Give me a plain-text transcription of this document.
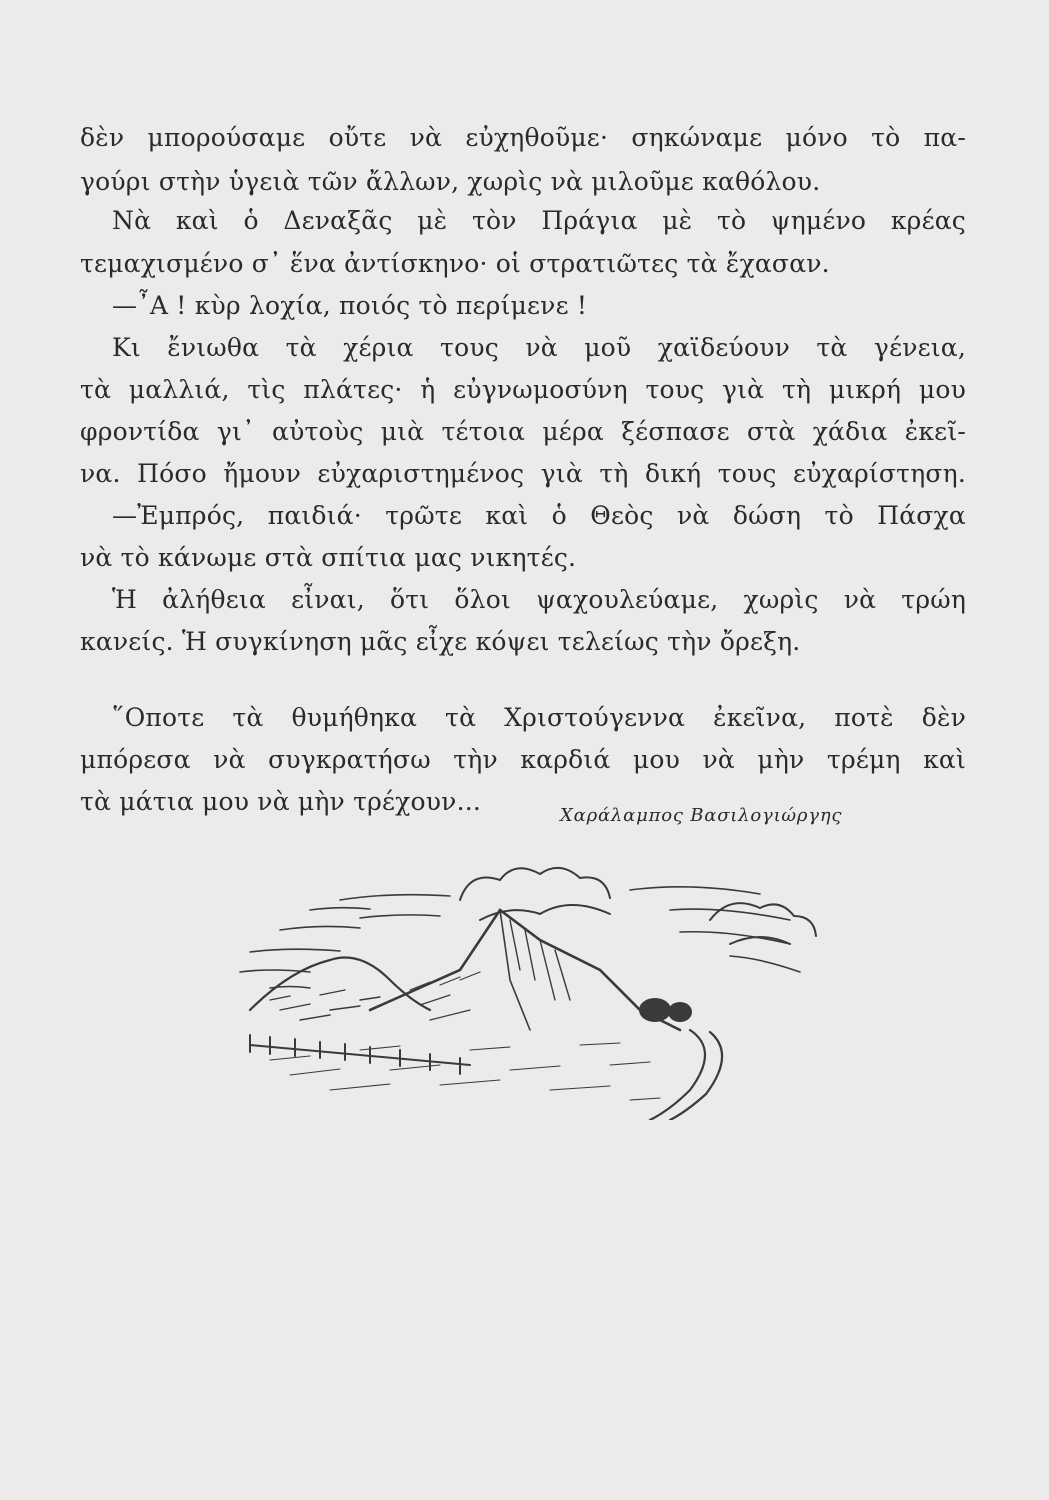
δὲν μπορούσαμε οὔτε νὰ εὐχηθοῦμε· σηκώναμε μόνο τὸ πα-
γούρι στὴν ὑγειὰ τῶν ἄλλων, χωρὶς νὰ μιλοῦμε καθόλου.
Νὰ καὶ ὁ Δεναξᾶς μὲ τὸν Πράγια μὲ τὸ ψημένο κρέας
τεμαχισμένο σ᾿ ἕνα ἀντίσκηνο· οἱ στρατιῶτες τὰ ἔχασαν.
—῏Α ! κὺρ λοχία, ποιός τὸ περίμενε !
Κι ἔνιωθα τὰ χέρια τους νὰ μοῦ χαϊδεύουν τὰ γένεια,
τὰ μαλλιά, τὶς πλάτες· ἡ εὐγνωμοσύνη τους γιὰ τὴ μικρή μου
φροντίδα γι᾿ αὐτοὺς μιὰ τέτοια μέρα ξέσπασε στὰ χάδια ἐκεῖ-
να. Πόσο ἤμουν εὐχαριστημένος γιὰ τὴ δική τους εὐχαρίστηση.
—Ἐμπρός, παιδιά· τρῶτε καὶ ὁ Θεὸς νὰ δώση τὸ Πάσχα
νὰ τὸ κάνωμε στὰ σπίτια μας νικητές.
Ἡ ἀλήθεια εἶναι, ὅτι ὅλοι ψαχουλεύαμε, χωρὶς νὰ τρώη
κανείς. Ἡ συγκίνηση μᾶς εἶχε κόψει τελείως τὴν ὄρεξη.
῞Οποτε τὰ θυμήθηκα τὰ Χριστούγεννα ἐκεῖνα, ποτὲ δὲν
μπόρεσα νὰ συγκρατήσω τὴν καρδιά μου νὰ μὴν τρέμη καὶ
τὰ μάτια μου νὰ μὴν τρέχουν...	Χαράλαμπος Βασιλογιώργης
